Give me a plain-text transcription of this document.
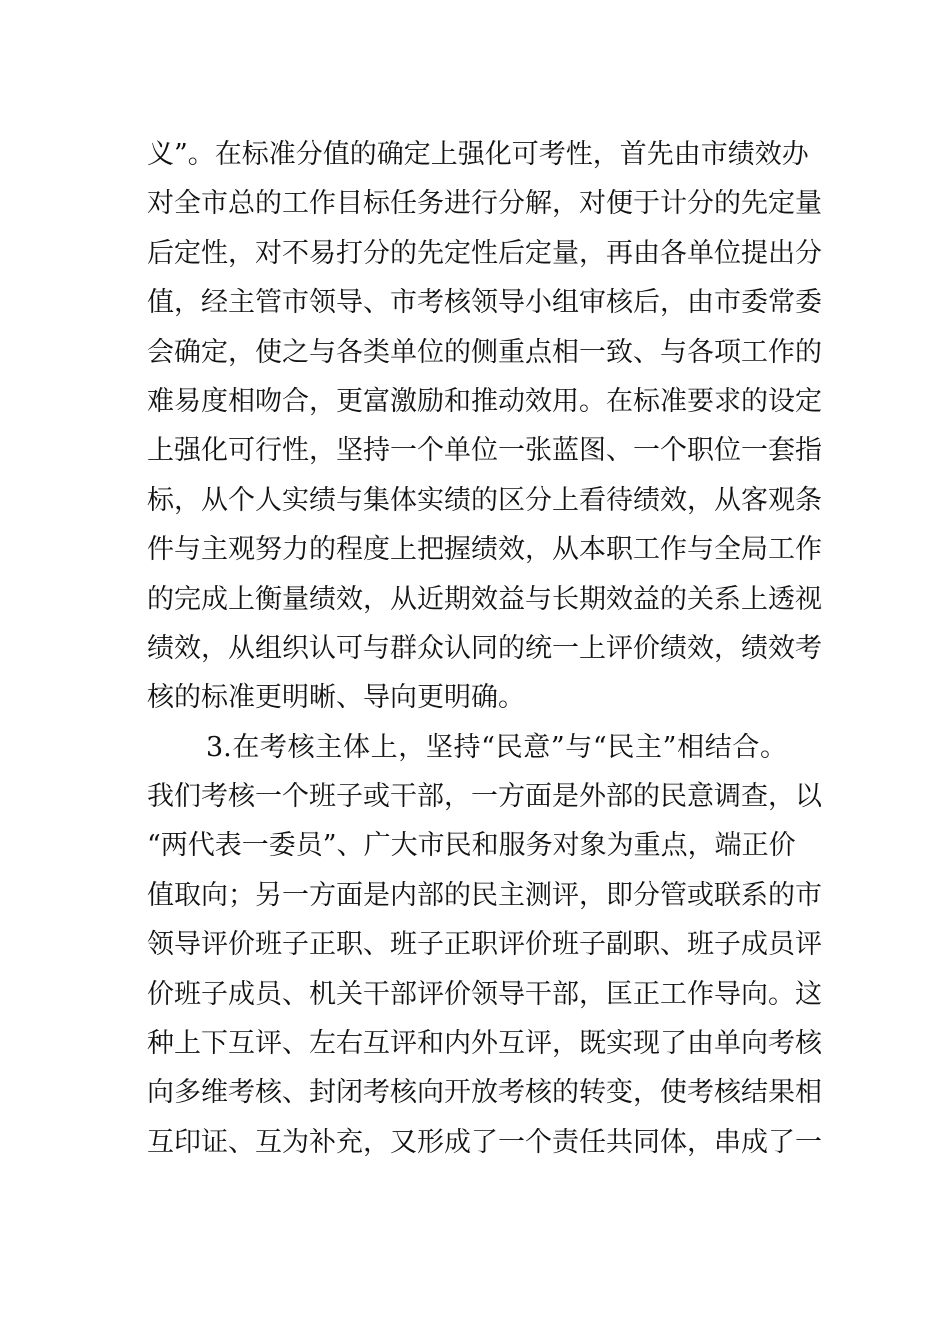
义”。在标准分值的确定上强化可考性，首先由市绩效办
对全市总的工作目标任务进行分解，对便于计分的先定量
后定性，对不易打分的先定性后定量，再由各单位提出分
值，经主管市领导、市考核领导小组审核后，由市委常委
会确定，使之与各类单位的侧重点相一致、与各项工作的
难易度相吻合，更富激励和推动效用。在标准要求的设定
上强化可行性，坚持一个单位一张蓝图、一个职位一套指
标，从个人实绩与集体实绩的区分上看待绩效，从客观条
件与主观努力的程度上把握绩效，从本职工作与全局工作
的完成上衡量绩效，从近期效益与长期效益的关系上透视
绩效，从组织认可与群众认同的统一上评价绩效，绩效考
核的标准更明晰、导向更明确。
3.在考核主体上，坚持“民意”与“民主”相结合。
我们考核一个班子或干部，一方面是外部的民意调查，以
“两代表一委员”、广大市民和服务对象为重点，端正价
值取向；另一方面是内部的民主测评，即分管或联系的市
领导评价班子正职、班子正职评价班子副职、班子成员评
价班子成员、机关干部评价领导干部，匡正工作导向。这
种上下互评、左右互评和内外互评，既实现了由单向考核
向多维考核、封闭考核向开放考核的转变，使考核结果相
互印证、互为补充，又形成了一个责任共同体，串成了一
